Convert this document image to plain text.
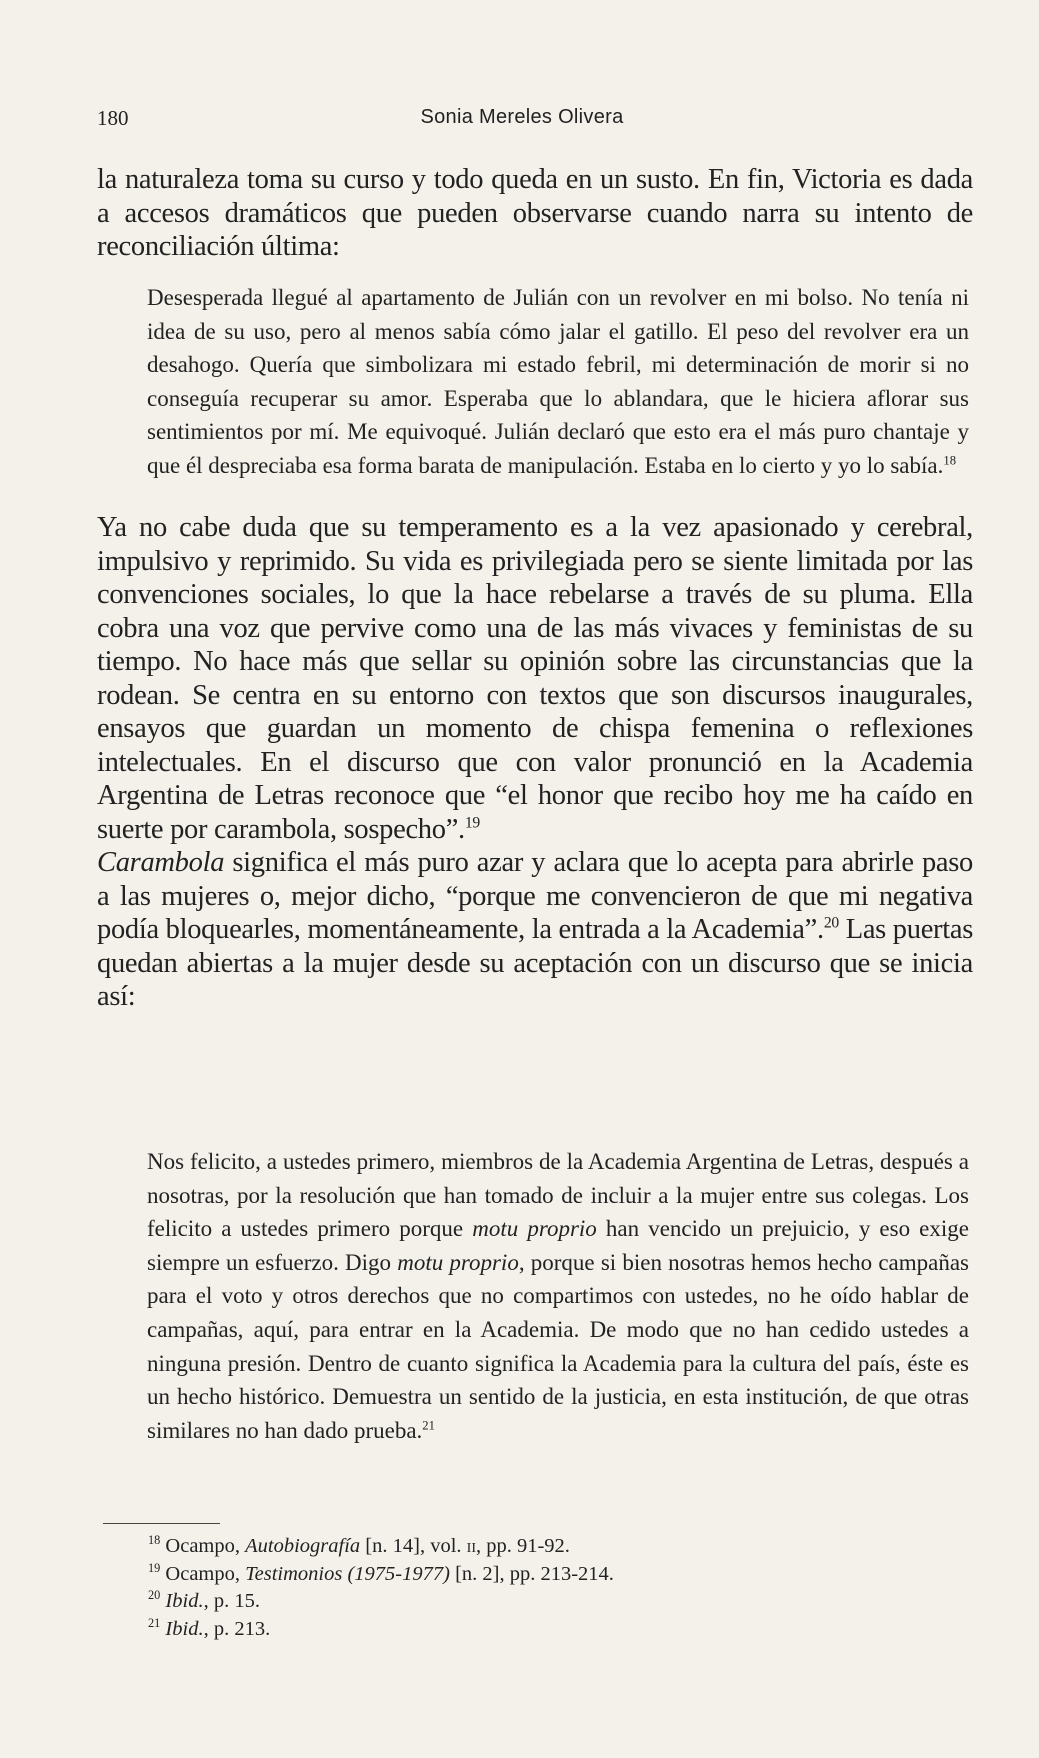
180	Sonia Mereles Olivera

la naturaleza toma su curso y todo queda en un susto. En fin, Victoria es dada a accesos dramáticos que pueden observarse cuando narra su intento de reconciliación última:

Desesperada llegué al apartamento de Julián con un revolver en mi bolso. No tenía ni idea de su uso, pero al menos sabía cómo jalar el gatillo. El peso del revolver era un desahogo. Quería que simbolizara mi estado febril, mi determinación de morir si no conseguía recuperar su amor. Esperaba que lo ablandara, que le hiciera aflorar sus sentimientos por mí. Me equivoqué. Julián declaró que esto era el más puro chantaje y que él despreciaba esa forma barata de manipulación. Estaba en lo cierto y yo lo sabía.$^{18}$

Ya no cabe duda que su temperamento es a la vez apasionado y cerebral, impulsivo y reprimido. Su vida es privilegiada pero se siente limitada por las convenciones sociales, lo que la hace rebelarse a través de su pluma. Ella cobra una voz que pervive como una de las más vivaces y feministas de su tiempo. No hace más que sellar su opinión sobre las circunstancias que la rodean. Se centra en su entorno con textos que son discursos inaugurales, ensayos que guardan un momento de chispa femenina o reflexiones intelectuales. En el discurso que con valor pronunció en la Academia Argentina de Letras reconoce que “el honor que recibo hoy me ha caído en suerte por carambola, sospecho”.$^{19}$
Carambola significa el más puro azar y aclara que lo acepta para abrirle paso a las mujeres o, mejor dicho, “porque me convencieron de que mi negativa podía bloquearles, momentáneamente, la entrada a la Academia”.$^{20}$ Las puertas quedan abiertas a la mujer desde su aceptación con un discurso que se inicia así:

Nos felicito, a ustedes primero, miembros de la Academia Argentina de Letras, después a nosotras, por la resolución que han tomado de incluir a la mujer entre sus colegas. Los felicito a ustedes primero porque motu proprio han vencido un prejuicio, y eso exige siempre un esfuerzo. Digo motu proprio, porque si bien nosotras hemos hecho campañas para el voto y otros derechos que no compartimos con ustedes, no he oído hablar de campañas, aquí, para entrar en la Academia. De modo que no han cedido ustedes a ninguna presión. Dentro de cuanto significa la Academia para la cultura del país, éste es un hecho histórico. Demuestra un sentido de la justicia, en esta institución, de que otras similares no han dado prueba.$^{21}$

$^{18}$ Ocampo, Autobiografía [n. 14], vol. ii, pp. 91-92.
$^{19}$ Ocampo, Testimonios (1975-1977) [n. 2], pp. 213-214.
$^{20}$ Ibid., p. 15.
$^{21}$ Ibid., p. 213.
